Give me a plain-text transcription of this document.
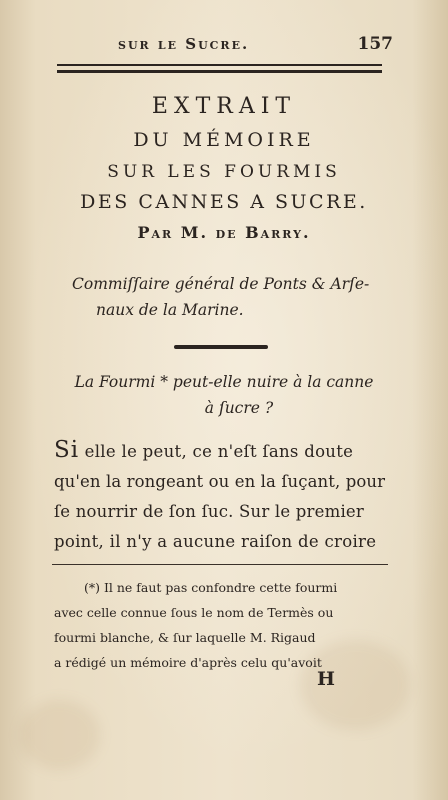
sur le Sucre.	157
EXTRAIT
DU MÉMOIRE
SUR LES FOURMIS
DES CANNES A SUCRE.
Par M. de Barry.
Commiſſaire général de Ponts & Arſe-
naux de la Marine.
La Fourmi * peut-elle nuire à la canne
à ſucre ?
Si elle le peut, ce n'eſt ſans doute
qu'en la rongeant ou en la ſuçant, pour
ſe nourrir de ſon ſuc. Sur le premier
point, il n'y a aucune raiſon de croire
(*) Il ne faut pas confondre cette fourmi
avec celle connue ſous le nom de Termès ou
fourmi blanche, & ſur laquelle M. Rigaud
a rédigé un mémoire d'après celu qu'avoit
H
